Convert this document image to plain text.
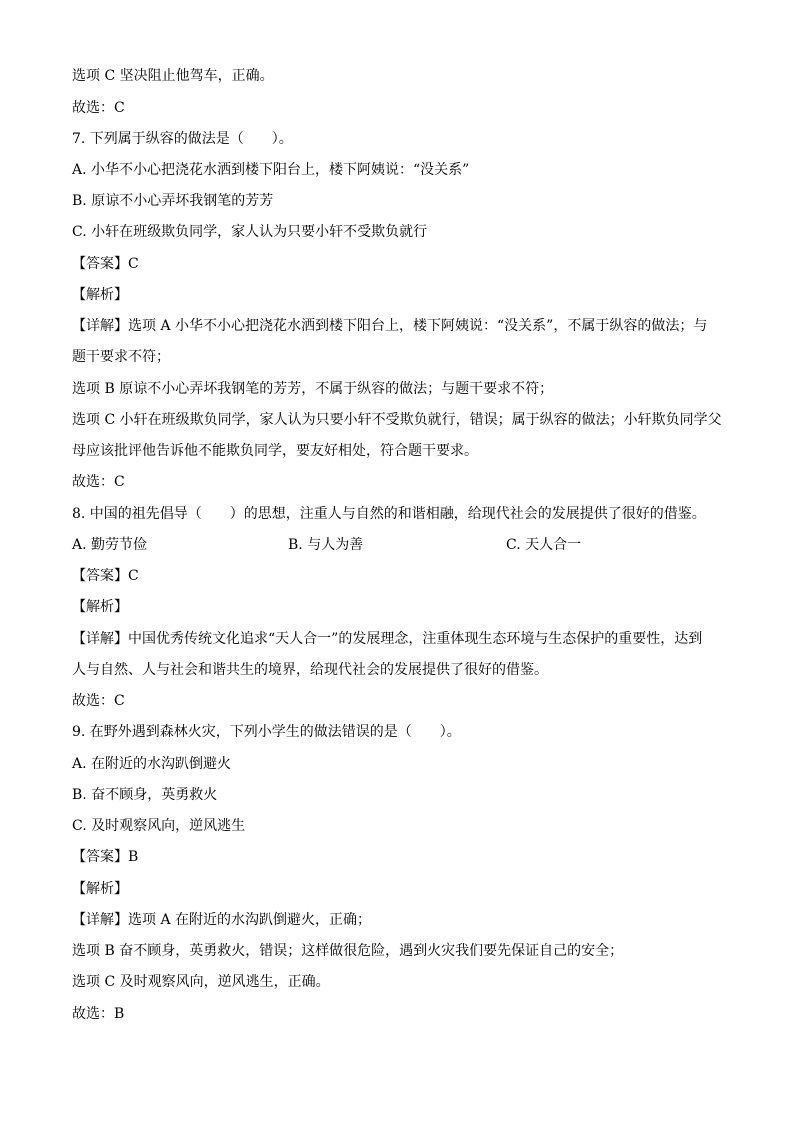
选项 C 坚决阻止他驾车，正确。
故选：C
7. 下列属于纵容的做法是（　　）。
A. 小华不小心把浇花水洒到楼下阳台上，楼下阿姨说：“没关系”
B. 原谅不小心弄坏我钢笔的芳芳
C. 小轩在班级欺负同学，家人认为只要小轩不受欺负就行
【答案】C
【解析】
【详解】选项 A 小华不小心把浇花水洒到楼下阳台上，楼下阿姨说：“没关系”，不属于纵容的做法；与
题干要求不符；
选项 B 原谅不小心弄坏我钢笔的芳芳，不属于纵容的做法；与题干要求不符；
选项 C 小轩在班级欺负同学，家人认为只要小轩不受欺负就行，错误；属于纵容的做法；小轩欺负同学父
母应该批评他告诉他不能欺负同学，要友好相处，符合题干要求。
故选：C
8. 中国的祖先倡导（　　）的思想，注重人与自然的和谐相融，给现代社会的发展提供了很好的借鉴。
A. 勤劳节俭	B. 与人为善	C. 天人合一
【答案】C
【解析】
【详解】中国优秀传统文化追求“天人合一”的发展理念，注重体现生态环境与生态保护的重要性，达到
人与自然、人与社会和谐共生的境界，给现代社会的发展提供了很好的借鉴。
故选：C
9. 在野外遇到森林火灾，下列小学生的做法错误的是（　　）。
A. 在附近的水沟趴倒避火
B. 奋不顾身，英勇救火
C. 及时观察风向，逆风逃生
【答案】B
【解析】
【详解】选项 A 在附近的水沟趴倒避火，正确；
选项 B 奋不顾身，英勇救火，错误；这样做很危险，遇到火灾我们要先保证自己的安全；
选项 C 及时观察风向，逆风逃生，正确。
故选：B
